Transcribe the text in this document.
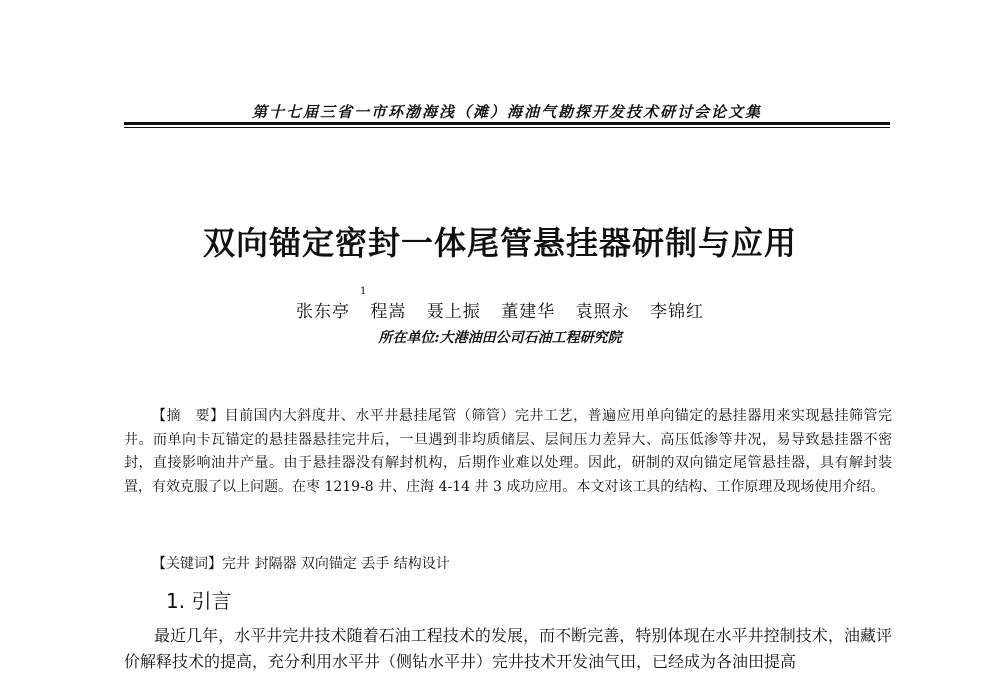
第十七届三省一市环渤海浅（滩）海油气勘探开发技术研讨会论文集
双向锚定密封一体尾管悬挂器研制与应用
1
张东亭 程嵩 聂上振 董建华 袁照永 李锦红
所在单位:大港油田公司石油工程研究院
【摘　要】目前国内大斜度井、水平井悬挂尾管（筛管）完井工艺，普遍应用单向锚定的悬挂器用来实现悬挂筛管完井。而单向卡瓦锚定的悬挂器悬挂完井后，一旦遇到非均质储层、层间压力差异大、高压低渗等井况，易导致悬挂器不密封，直接影响油井产量。由于悬挂器没有解封机构，后期作业难以处理。因此，研制的双向锚定尾管悬挂器，具有解封装置，有效克服了以上问题。在枣 1219-8 井、庄海 4-14 井 3 成功应用。本文对该工具的结构、工作原理及现场使用介绍。
【关键词】完井 封隔器 双向锚定 丢手 结构设计
1. 引言
最近几年，水平井完井技术随着石油工程技术的发展，而不断完善，特别体现在水平井控制技术，油藏评价解释技术的提高，充分利用水平井（侧钻水平井）完井技术开发油气田，已经成为各油田提高
